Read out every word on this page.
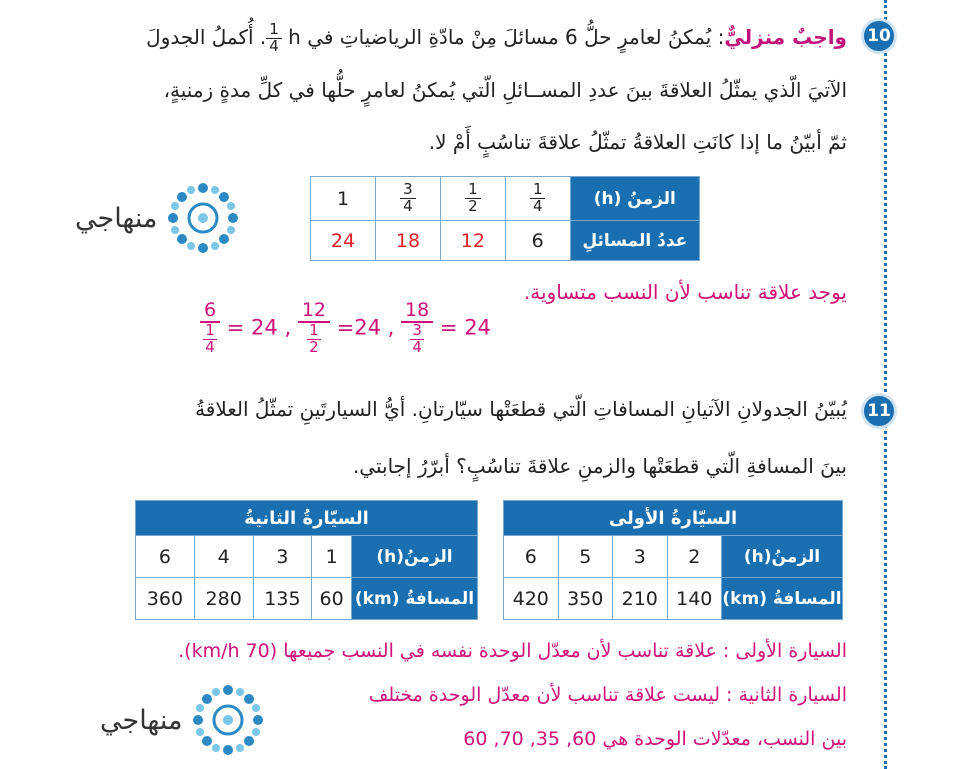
10
واجبٌ منزليٌّ: يُمكنُ لعامرٍ حلُّ 6 مسائلَ مِنْ مادّةِ الرياضياتِ في h
$\frac{1}{4}$
. أُكملُ الجدولَ
الآتيَ الّذي يمثّلُ العلاقةَ بينَ عددِ المســائلِ الّتي يُمكنُ لعامرٍ حلُّها في كلِّ مدةٍ زمنيةٍ،
ثمّ أبيّنُ ما إذا كانَتِ العلاقةُ تمثّلُ علاقةَ تناسُبٍ أَمْ لا.
الزمنُ (h)	$\frac{1}{4}$	$\frac{1}{2}$	$\frac{3}{4}$	1
عددُ المسائلِ	6	12	18	24
منهاجي
يوجد علاقة تناسب لأن النسب متساوية.
$\frac{6}{\frac{1}{4}} = 24$ , $\frac{12}{\frac{1}{2}} =24$ , $\frac{18}{\frac{3}{4}} = 24$
11
يُبيّنُ الجدولانِ الآتيانِ المسافاتِ الّتي قطعَتْها سيّارتانِ. أيُّ السيارتَينِ تمثّلُ العلاقةُ
بينَ المسافةِ الّتي قطعَتْها والزمنِ علاقةَ تناسُبٍ؟ أبرّرُ إجابتي.
السيّارةُ الأولى				
الزمنُ(h)	2	3	5	6
المسافةُ (km)	140	210	350	420
السيّارةُ الثانيةُ				
الزمنُ(h)	1	3	4	6
المسافةُ (km)	60	135	280	360
السيارة الأولى : علاقة تناسب لأن معدّل الوحدة نفسه في النسب جميعها (70 km/h).
السيارة الثانية : ليست علاقة تناسب لأن معدّل الوحدة مختلف
بين النسب، معدّلات الوحدة هي 60, 35, 70, 60
منهاجي
